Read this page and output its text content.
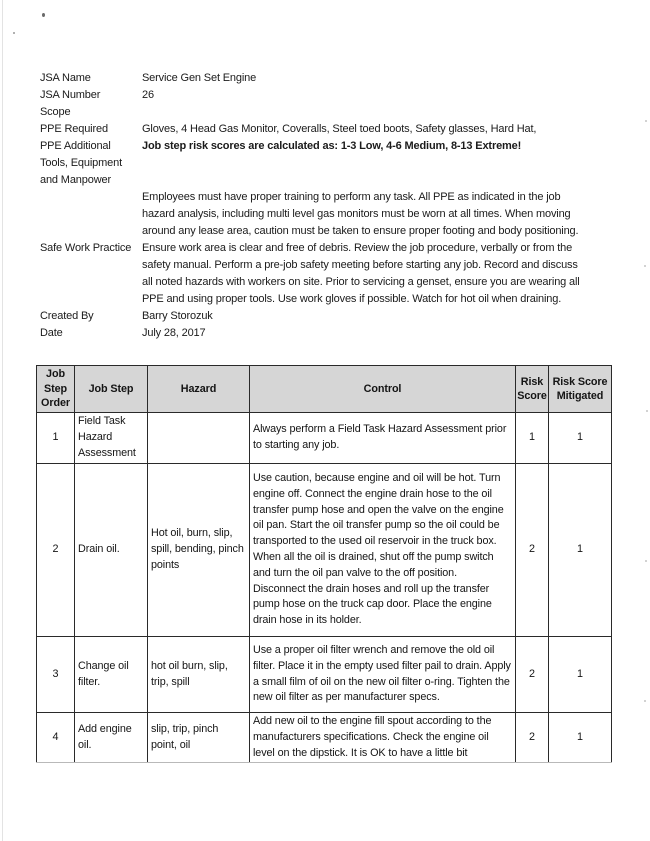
JSA Name	Service Gen Set Engine
JSA Number	26
Scope
PPE Required	Gloves, 4 Head Gas Monitor, Coveralls, Steel toed boots, Safety glasses, Hard Hat,
PPE Additional	Job step risk scores are calculated as: 1-3 Low, 4-6 Medium, 8-13 Extreme!
Tools, Equipment and Manpower
Safe Work Practice
Employees must have proper training to perform any task. All PPE as indicated in the job hazard analysis, including multi level gas monitors must be worn at all times. When moving around any lease area, caution must be taken to ensure proper footing and body positioning. Ensure work area is clear and free of debris. Review the job procedure, verbally or from the safety manual. Perform a pre-job safety meeting before starting any job. Record and discuss all noted hazards with workers on site. Prior to servicing a genset, ensure you are wearing all PPE and using proper tools. Use work gloves if possible. Watch for hot oil when draining.
Created By	Barry Storozuk
Date	July 28, 2017
Job Step Order	Job Step	Hazard	Control	Risk Score	Risk Score Mitigated
1	Field Task Hazard Assessment		Always perform a Field Task Hazard Assessment prior to starting any job.	1	1
2	Drain oil.	Hot oil, burn, slip, spill, bending, pinch points	Use caution, because engine and oil will be hot. Turn engine off. Connect the engine drain hose to the oil transfer pump hose and open the valve on the engine oil pan. Start the oil transfer pump so the oil could be transported to the used oil reservoir in the truck box. When all the oil is drained, shut off the pump switch and turn the oil pan valve to the off position. Disconnect the drain hoses and roll up the transfer pump hose on the truck cap door. Place the engine drain hose in its holder.	2	1
3	Change oil filter.	hot oil burn, slip, trip, spill	Use a proper oil filter wrench and remove the old oil filter. Place it in the empty used filter pail to drain. Apply a small film of oil on the new oil filter o-ring. Tighten the new oil filter as per manufacturer specs.	2	1
4	Add engine oil.	slip, trip, pinch point, oil	Add new oil to the engine fill spout according to the manufacturers specifications. Check the engine oil level on the dipstick. It is OK to have a little bit	2	1
